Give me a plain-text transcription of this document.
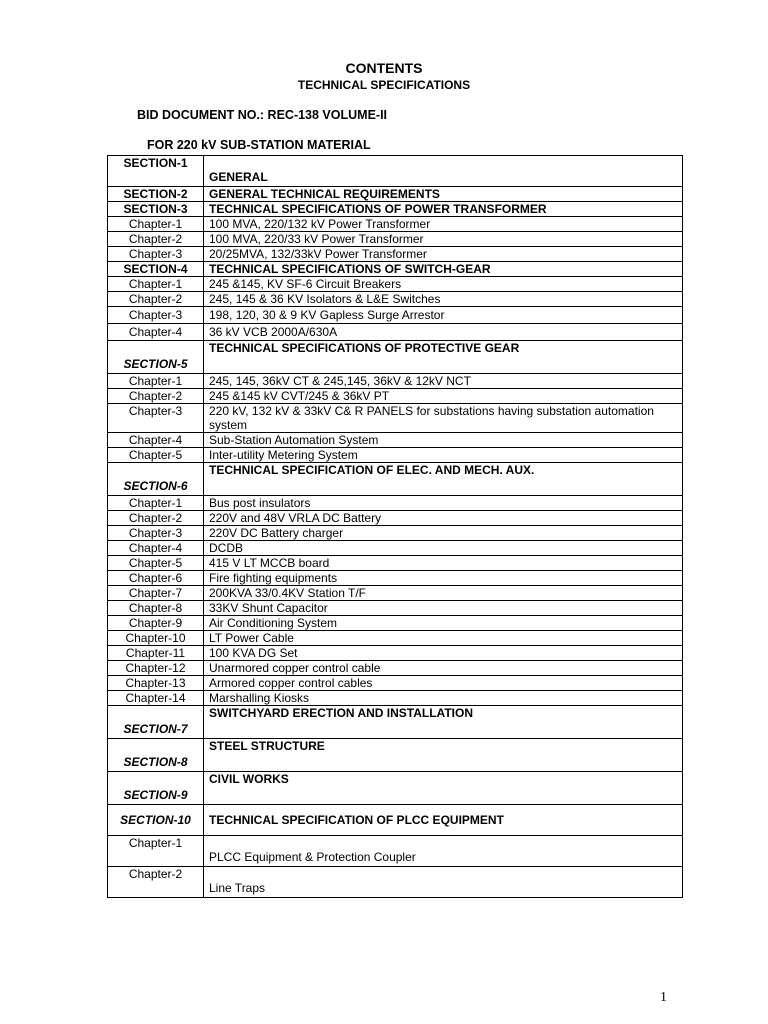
CONTENTS
TECHNICAL SPECIFICATIONS
BID DOCUMENT NO.: REC-138 VOLUME-II
FOR 220 kV SUB-STATION MATERIAL
SECTION-1	GENERAL
SECTION-2	GENERAL TECHNICAL REQUIREMENTS
SECTION-3	TECHNICAL SPECIFICATIONS OF POWER TRANSFORMER
Chapter-1	100 MVA, 220/132 kV Power Transformer
Chapter-2	100 MVA, 220/33 kV Power Transformer
Chapter-3	20/25MVA, 132/33kV Power Transformer
SECTION-4	TECHNICAL SPECIFICATIONS OF SWITCH-GEAR
Chapter-1	245 &145, KV SF-6 Circuit Breakers
Chapter-2	245, 145 & 36 KV Isolators & L&E Switches
Chapter-3	198, 120, 30 & 9 KV Gapless Surge Arrestor
Chapter-4	36 kV VCB 2000A/630A
SECTION-5	TECHNICAL SPECIFICATIONS OF PROTECTIVE GEAR
Chapter-1	245, 145, 36kV CT & 245,145, 36kV & 12kV NCT
Chapter-2	245 &145 kV CVT/245 & 36kV PT
Chapter-3	220 kV, 132 kV & 33kV C& R PANELS for substations having substation automation system
Chapter-4	Sub-Station Automation System
Chapter-5	Inter-utility Metering System
SECTION-6	TECHNICAL SPECIFICATION OF ELEC. AND MECH. AUX.
Chapter-1	Bus post insulators
Chapter-2	220V and 48V VRLA DC Battery
Chapter-3	220V DC Battery charger
Chapter-4	DCDB
Chapter-5	415 V LT MCCB board
Chapter-6	Fire fighting equipments
Chapter-7	200KVA 33/0.4KV Station T/F
Chapter-8	33KV Shunt Capacitor
Chapter-9	Air Conditioning System
Chapter-10	LT Power Cable
Chapter-11	100 KVA DG Set
Chapter-12	Unarmored copper control cable
Chapter-13	Armored copper control cables
Chapter-14	Marshalling Kiosks
SECTION-7	SWITCHYARD ERECTION AND INSTALLATION
SECTION-8	STEEL STRUCTURE
SECTION-9	CIVIL WORKS
SECTION-10	TECHNICAL SPECIFICATION OF PLCC EQUIPMENT
Chapter-1	PLCC Equipment & Protection Coupler
Chapter-2	Line Traps
1
